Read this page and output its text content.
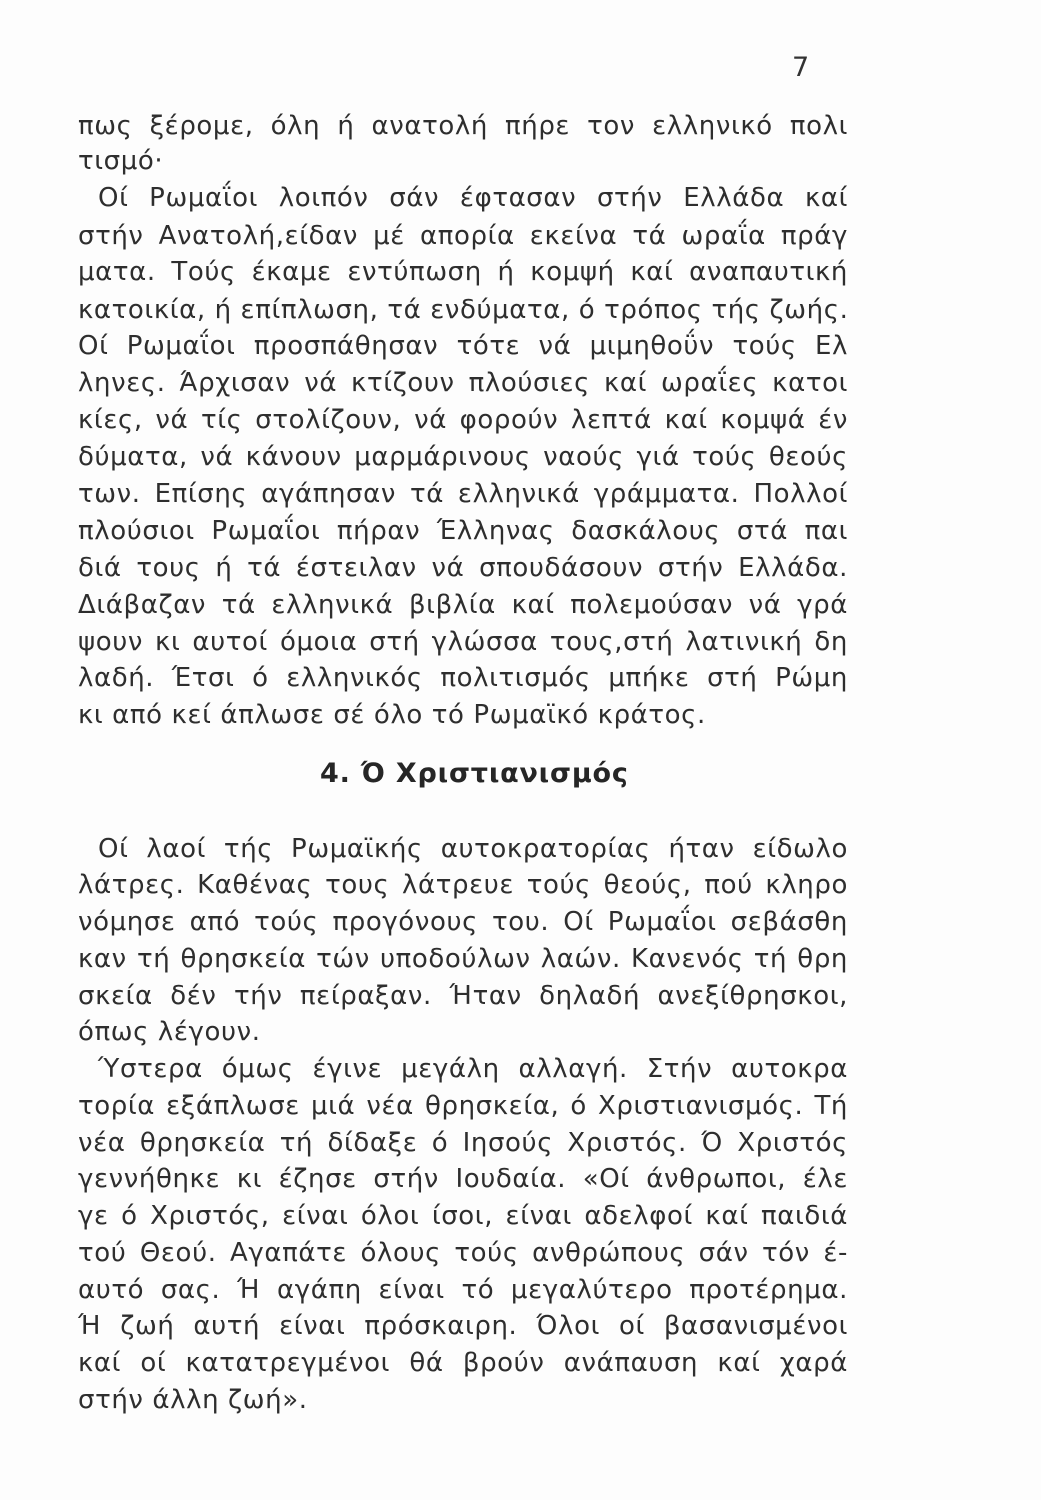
7
πως ξέρομε, όλη ή ανατολή πήρε τον ελληνικό πολι
τισμό·
Οί Ρωμαΐοι λοιπόν σάν έφτασαν στήν Ελλάδα καί
στήν Ανατολή,είδαν μέ απορία εκείνα τά ωραΐα πράγ
ματα. Τούς έκαμε εντύπωση ή κομψή καί αναπαυτική
κατοικία, ή επίπλωση, τά ενδύματα, ό τρόπος τής ζωής.
Οί Ρωμαΐοι προσπάθησαν τότε νά μιμηθοΰν τούς Ελ
ληνες. Άρχισαν νά κτίζουν πλούσιες καί ωραΐες κατοι
κίες, νά τίς στολίζουν, νά φορούν λεπτά καί κομψά έν
δύματα, νά κάνουν μαρμάρινους ναούς γιά τούς θεούς
των. Επίσης αγάπησαν τά ελληνικά γράμματα. Πολλοί
πλούσιοι Ρωμαΐοι πήραν Έλληνας δασκάλους στά παι
διά τους ή τά έστειλαν νά σπουδάσουν στήν Ελλάδα.
Διάβαζαν τά ελληνικά βιβλία καί πολεμούσαν νά γρά
ψουν κι αυτοί όμοια στή γλώσσα τους,στή λατινική δη
λαδή. Έτσι ό ελληνικός πολιτισμός μπήκε στή Ρώμη
κι από κεί άπλωσε σέ όλο τό Ρωμαϊκό κράτος.
4. Ό Χριστιανισμός
Οί λαοί τής Ρωμαϊκής αυτοκρατορίας ήταν είδωλο
λάτρες. Καθένας τους λάτρευε τούς θεούς, πού κληρο
νόμησε από τούς προγόνους του. Οί Ρωμαΐοι σεβάσθη
καν τή θρησκεία τών υποδούλων λαών. Κανενός τή θρη
σκεία δέν τήν πείραξαν. Ήταν δηλαδή ανεξίθρησκοι,
όπως λέγουν.
Ύστερα όμως έγινε μεγάλη αλλαγή. Στήν αυτοκρα
τορία εξάπλωσε μιά νέα θρησκεία, ό Χριστιανισμός. Τή
νέα θρησκεία τή δίδαξε ό Ιησούς Χριστός. Ό Χριστός
γεννήθηκε κι έζησε στήν Ιουδαία. «Οί άνθρωποι, έλε
γε ό Χριστός, είναι όλοι ίσοι, είναι αδελφοί καί παιδιά
τού Θεού. Αγαπάτε όλους τούς ανθρώπους σάν τόν έ-
αυτό σας. Ή αγάπη είναι τό μεγαλύτερο προτέρημα.
Ή ζωή αυτή είναι πρόσκαιρη. Όλοι οί βασανισμένοι
καί οί κατατρεγμένοι θά βρούν ανάπαυση καί χαρά
στήν άλλη ζωή».
